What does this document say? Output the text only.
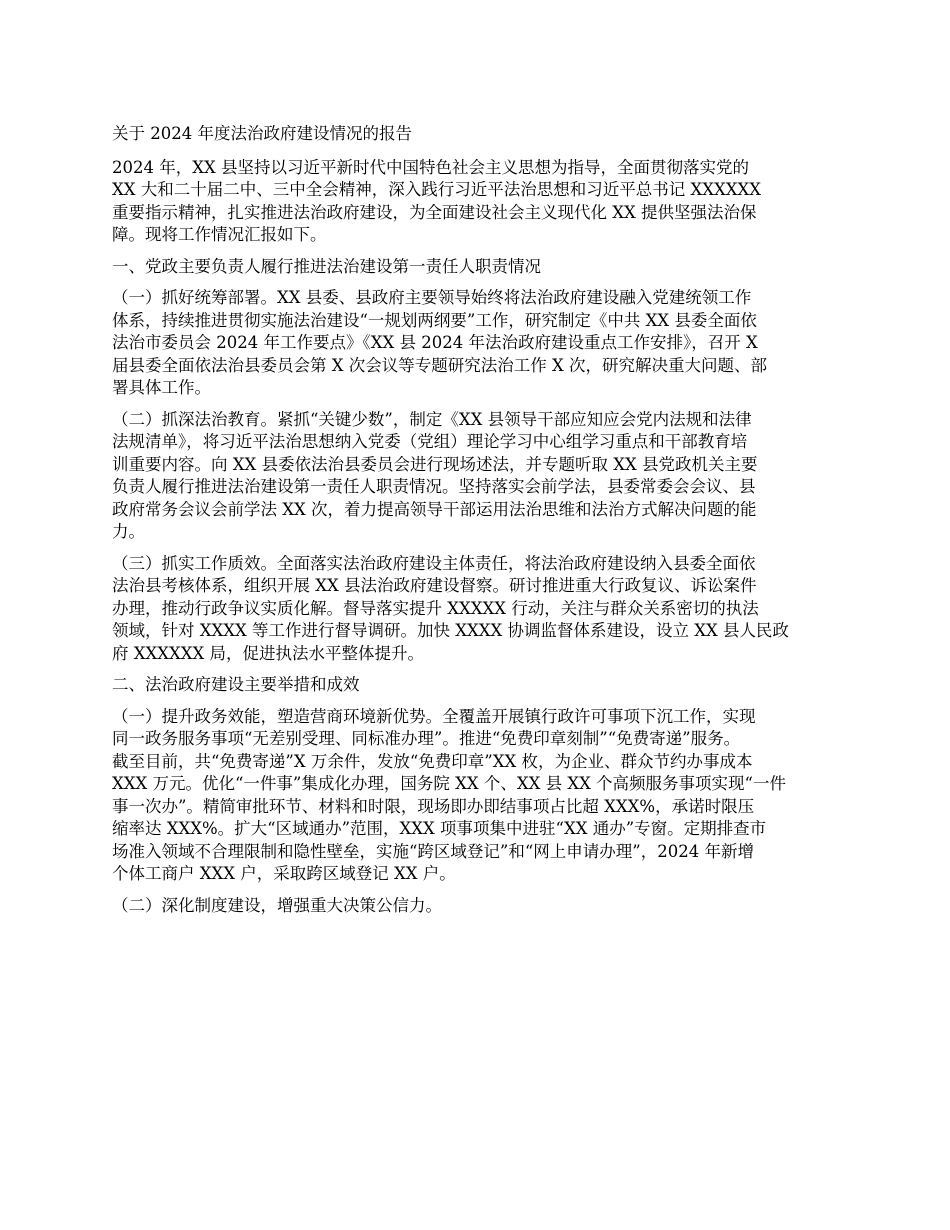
关于 2024 年度法治政府建设情况的报告
2024 年，XX 县坚持以习近平新时代中国特色社会主义思想为指导，全面贯彻落实党的
XX 大和二十届二中、三中全会精神，深入践行习近平法治思想和习近平总书记 XXXXXX
重要指示精神，扎实推进法治政府建设，为全面建设社会主义现代化 XX 提供坚强法治保
障。现将工作情况汇报如下。
一、党政主要负责人履行推进法治建设第一责任人职责情况
（一）抓好统筹部署。XX 县委、县政府主要领导始终将法治政府建设融入党建统领工作
体系，持续推进贯彻实施法治建设“一规划两纲要”工作，研究制定《中共 XX 县委全面依
法治市委员会 2024 年工作要点》《XX 县 2024 年法治政府建设重点工作安排》，召开 X
届县委全面依法治县委员会第 X 次会议等专题研究法治工作 X 次，研究解决重大问题、部
署具体工作。
（二）抓深法治教育。紧抓“关键少数”，制定《XX 县领导干部应知应会党内法规和法律
法规清单》，将习近平法治思想纳入党委（党组）理论学习中心组学习重点和干部教育培
训重要内容。向 XX 县委依法治县委员会进行现场述法，并专题听取 XX 县党政机关主要
负责人履行推进法治建设第一责任人职责情况。坚持落实会前学法，县委常委会会议、县
政府常务会议会前学法 XX 次，着力提高领导干部运用法治思维和法治方式解决问题的能
力。
（三）抓实工作质效。全面落实法治政府建设主体责任，将法治政府建设纳入县委全面依
法治县考核体系，组织开展 XX 县法治政府建设督察。研讨推进重大行政复议、诉讼案件
办理，推动行政争议实质化解。督导落实提升 XXXXX 行动，关注与群众关系密切的执法
领域，针对 XXXX 等工作进行督导调研。加快 XXXX 协调监督体系建设，设立 XX 县人民政
府 XXXXXX 局，促进执法水平整体提升。
二、法治政府建设主要举措和成效
（一）提升政务效能，塑造营商环境新优势。全覆盖开展镇行政许可事项下沉工作，实现
同一政务服务事项“无差别受理、同标准办理”。推进“免费印章刻制”“免费寄递”服务。
截至目前，共“免费寄递”X 万余件，发放“免费印章”XX 枚，为企业、群众节约办事成本
XXX 万元。优化“一件事”集成化办理，国务院 XX 个、XX 县 XX 个高频服务事项实现“一件
事一次办”。精简审批环节、材料和时限，现场即办即结事项占比超 XXX%，承诺时限压
缩率达 XXX%。扩大“区域通办”范围，XXX 项事项集中进驻“XX 通办”专窗。定期排查市
场准入领域不合理限制和隐性壁垒，实施“跨区域登记”和“网上申请办理”，2024 年新增
个体工商户 XXX 户，采取跨区域登记 XX 户。
（二）深化制度建设，增强重大决策公信力。
